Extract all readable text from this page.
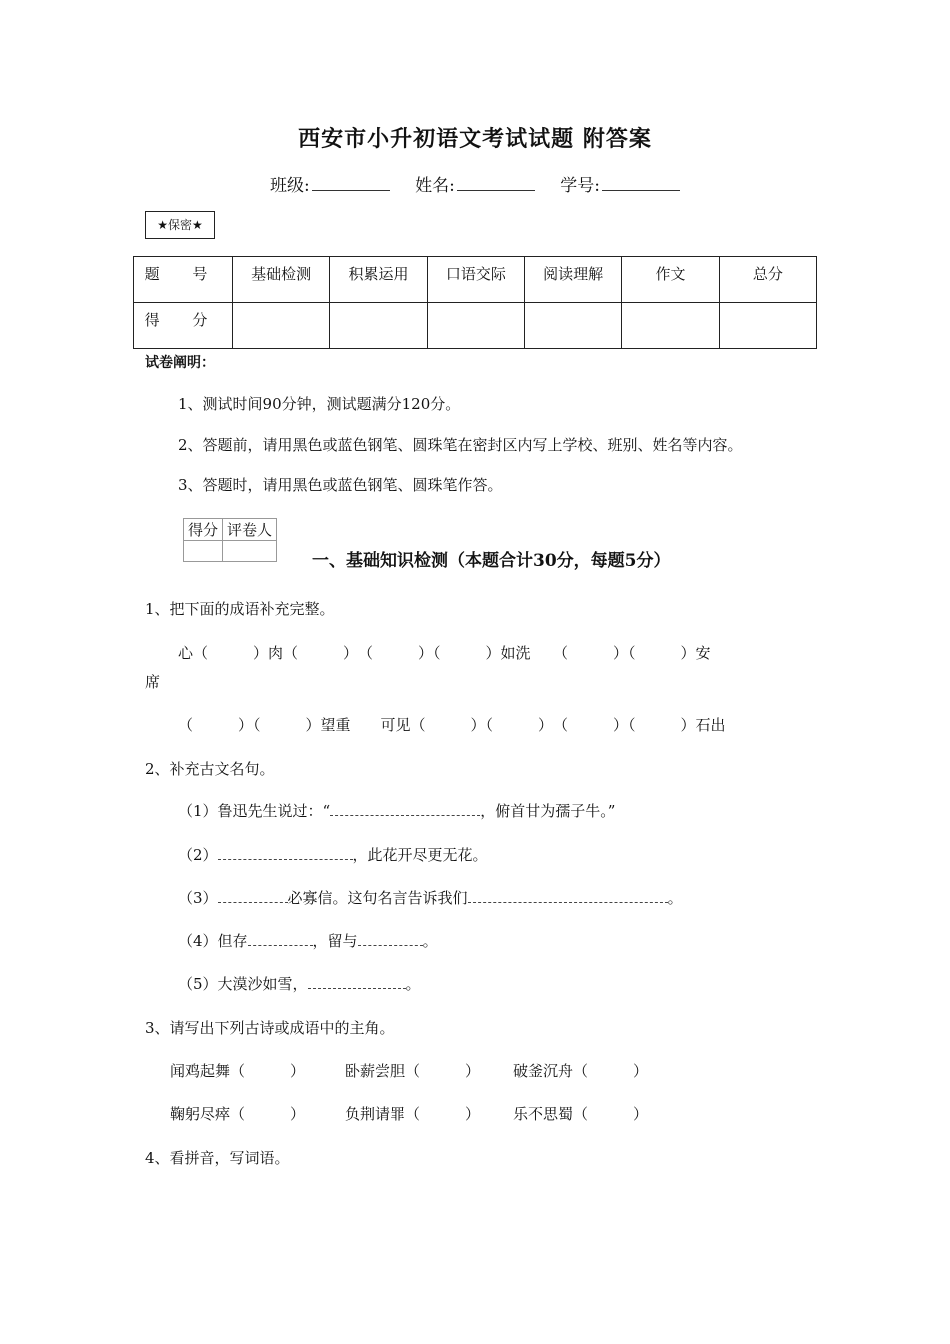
西安市小升初语文考试试题 附答案
班级:	姓名:	学号:
★保密★
题 号	基础检测	积累运用	口语交际	阅读理解	作文	总分
得 分						
试卷阐明：
1、测试时间90分钟，测试题满分120分。
2、答题前，请用黑色或蓝色钢笔、圆珠笔在密封区内写上学校、班别、姓名等内容。
3、答题时，请用黑色或蓝色钢笔、圆珠笔作答。
得分	评卷人

一、基础知识检测（本题合计30分，每题5分）
1、把下面的成语补充完整。
心（　　　）肉（　　　）　（　　　）（　　　）如洗　　（　　　）（　　　）安
席
（　　　）（　　　）望重　　可见（　　　）（　　　）　（　　　）（　　　）石出
2、补充古文名句。
（1）鲁迅先生说过：“	，俯首甘为孺子牛。”
（2）	，此花开尽更无花。
（3）	必寡信。这句名言告诉我们	。
（4）但存	，留与	。
（5）大漠沙如雪，	。
3、请写出下列古诗或成语中的主角。
闻鸡起舞（　　　）	卧薪尝胆（　　　） 破釜沉舟（　　　）
鞠躬尽瘁（　　　）	负荆请罪（　　　） 乐不思蜀（　　　）
4、看拼音，写词语。
